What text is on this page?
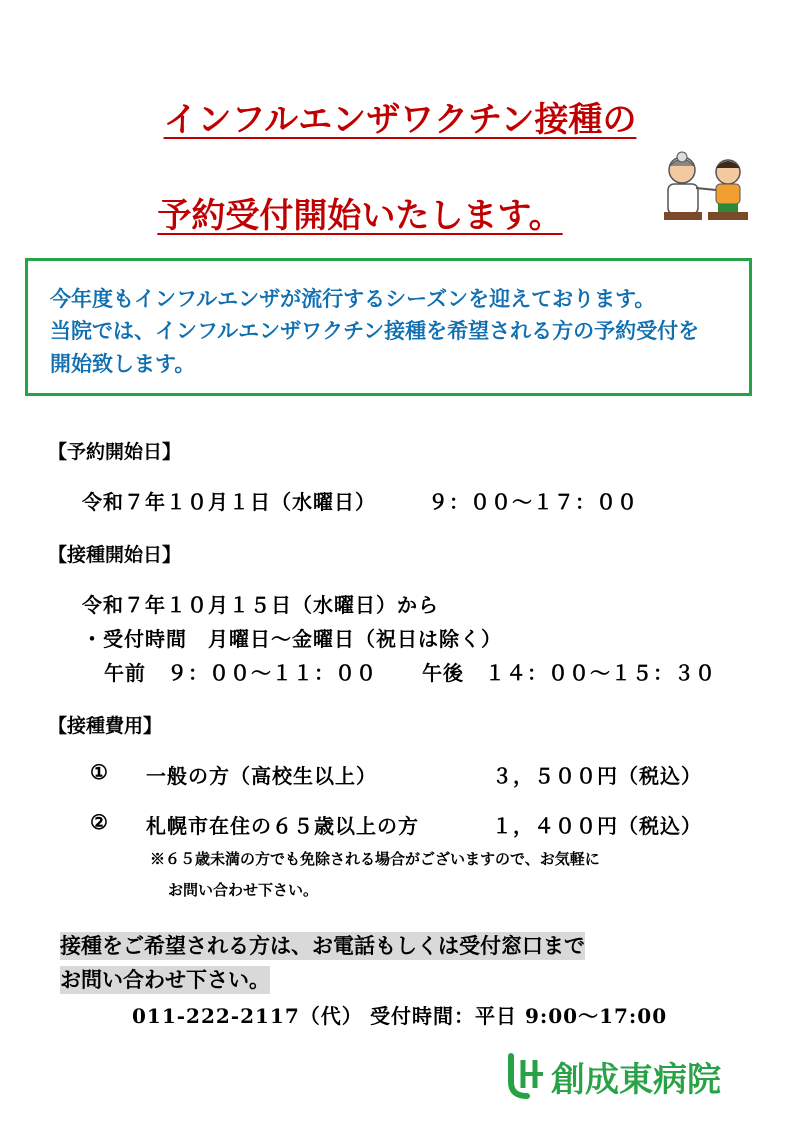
インフルエンザワクチン接種の
予約受付開始いたします。
今年度もインフルエンザが流行するシーズンを迎えております。
当院では、インフルエンザワクチン接種を希望される方の予約受付を
開始致します。
【予約開始日】
令和７年１０月１日（水曜日）	９：００～１７：００
【接種開始日】
令和７年１０月１５日（水曜日）から
・受付時間　月曜日～金曜日（祝日は除く）
午前　９：００～１１：００ 午後　１４：００～１５：３０
【接種費用】
① 一般の方（高校生以上）	３，５００円（税込）
② 札幌市在住の６５歳以上の方	１，４００円（税込）
※６５歳未満の方でも免除される場合がございますので、お気軽に
お問い合わせ下さい。
接種をご希望される方は、お電話もしくは受付窓口まで
お問い合わせ下さい。
011-222-2117（代） 受付時間：平日 9:00～17:00
創成東病院
